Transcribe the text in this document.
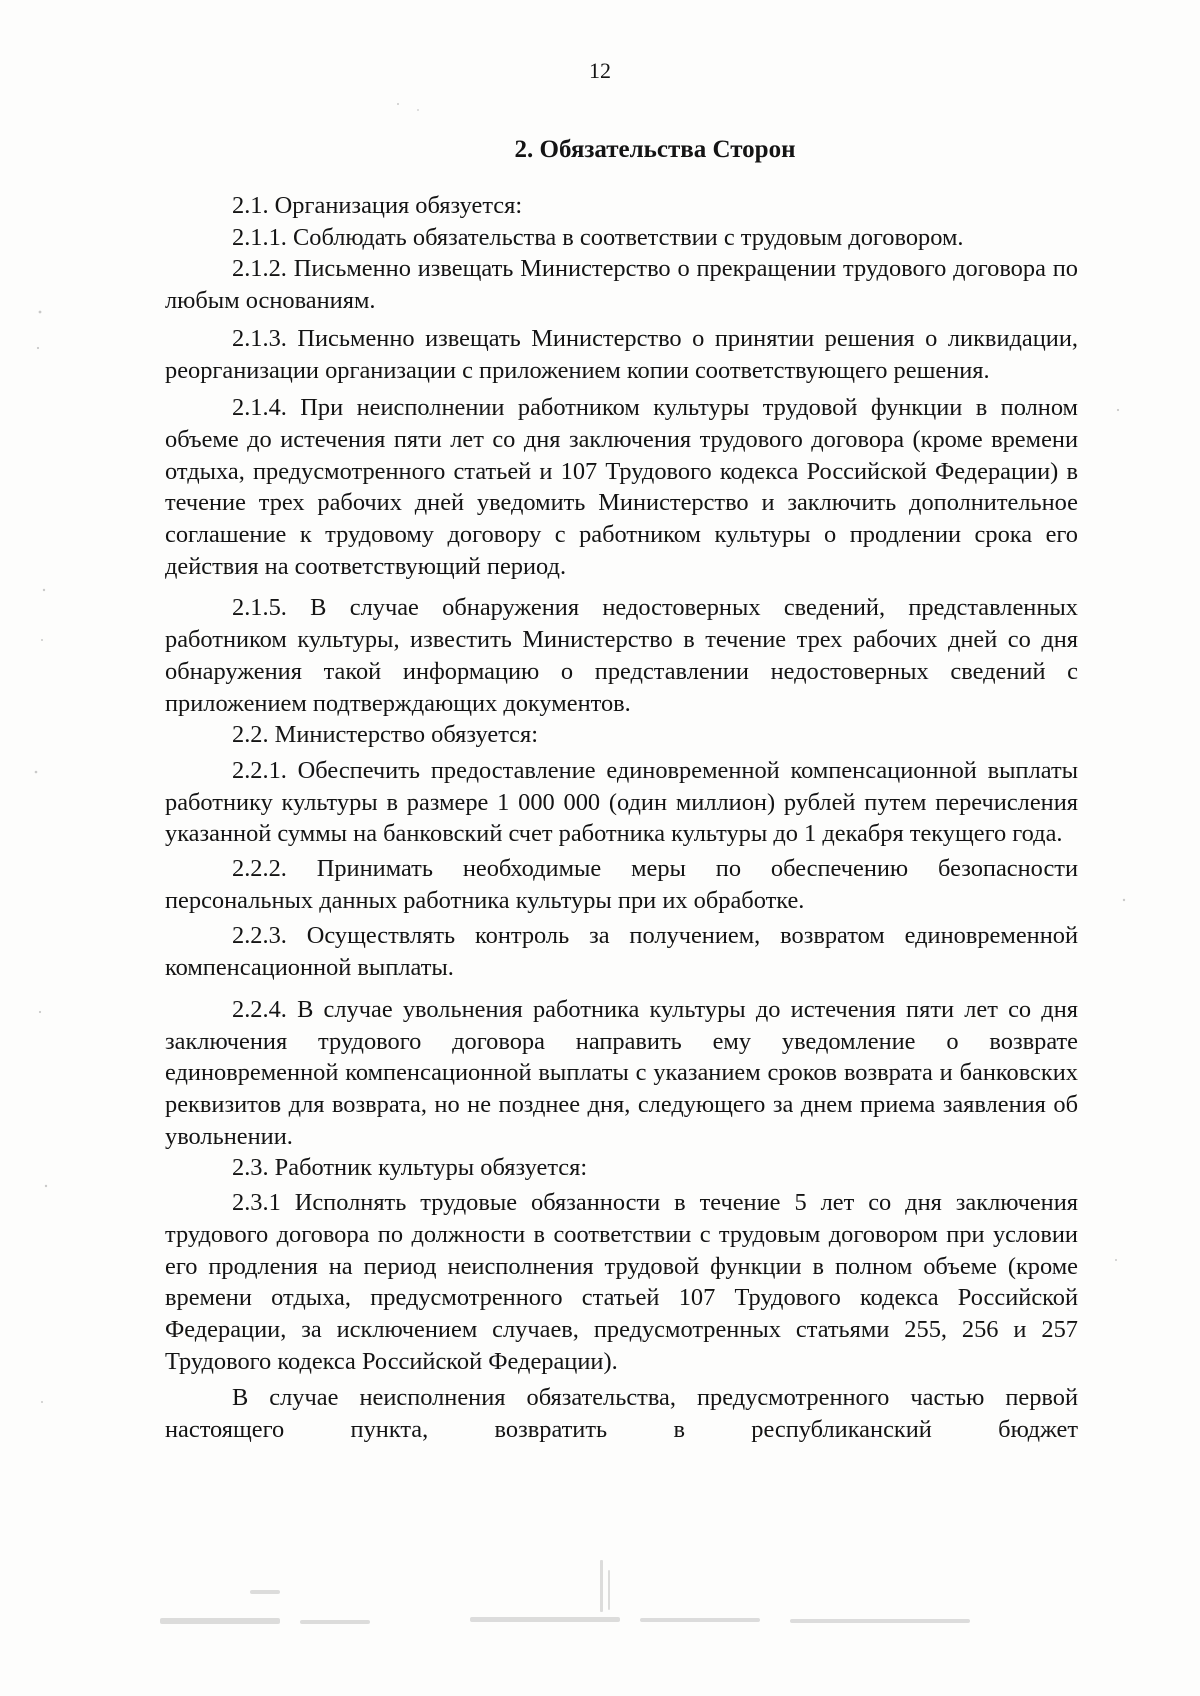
12
2. Обязательства Сторон

2.1. Организация обязуется:

2.1.1. Соблюдать обязательства в соответствии с трудовым договором.

2.1.2. Письменно извещать Министерство о прекращении трудового договора по любым основаниям.

2.1.3. Письменно извещать Министерство о принятии решения о ликвидации, реорганизации организации с приложением копии соответствующего решения.

2.1.4. При неисполнении работником культуры трудовой функции в полном объеме до истечения пяти лет со дня заключения трудового договора (кроме времени отдыха, предусмотренного статьей и 107 Трудового кодекса Российской Федерации) в течение трех рабочих дней уведомить Министерство и заключить дополнительное соглашение к трудовому договору с работником культуры о продлении срока его действия на соответствующий период.

2.1.5. В случае обнаружения недостоверных сведений, представленных работником культуры, известить Министерство в течение трех рабочих дней со дня обнаружения такой информацию о представлении недостоверных сведений с приложением подтверждающих документов.

2.2. Министерство обязуется:

2.2.1. Обеспечить предоставление единовременной компенсационной выплаты работнику культуры в размере 1 000 000 (один миллион) рублей путем перечисления указанной суммы на банковский счет работника культуры до 1 декабря текущего года.

2.2.2. Принимать необходимые меры по обеспечению безопасности персональных данных работника культуры при их обработке.

2.2.3. Осуществлять контроль за получением, возвратом единовременной компенсационной выплаты.

2.2.4. В случае увольнения работника культуры до истечения пяти лет со дня заключения трудового договора направить ему уведомление о возврате единовременной компенсационной выплаты с указанием сроков возврата и банковских реквизитов для возврата, но не позднее дня, следующего за днем приема заявления об увольнении.

2.3. Работник культуры обязуется:

2.3.1 Исполнять трудовые обязанности в течение 5 лет со дня заключения трудового договора по должности в соответствии с трудовым договором при условии его продления на период неисполнения трудовой функции в полном объеме (кроме времени отдыха, предусмотренного статьей 107 Трудового кодекса Российской Федерации, за исключением случаев, предусмотренных статьями 255, 256 и 257 Трудового кодекса Российской Федерации).

В случае неисполнения обязательства, предусмотренного частью первой настоящего пункта, возвратить в республиканский бюджет
